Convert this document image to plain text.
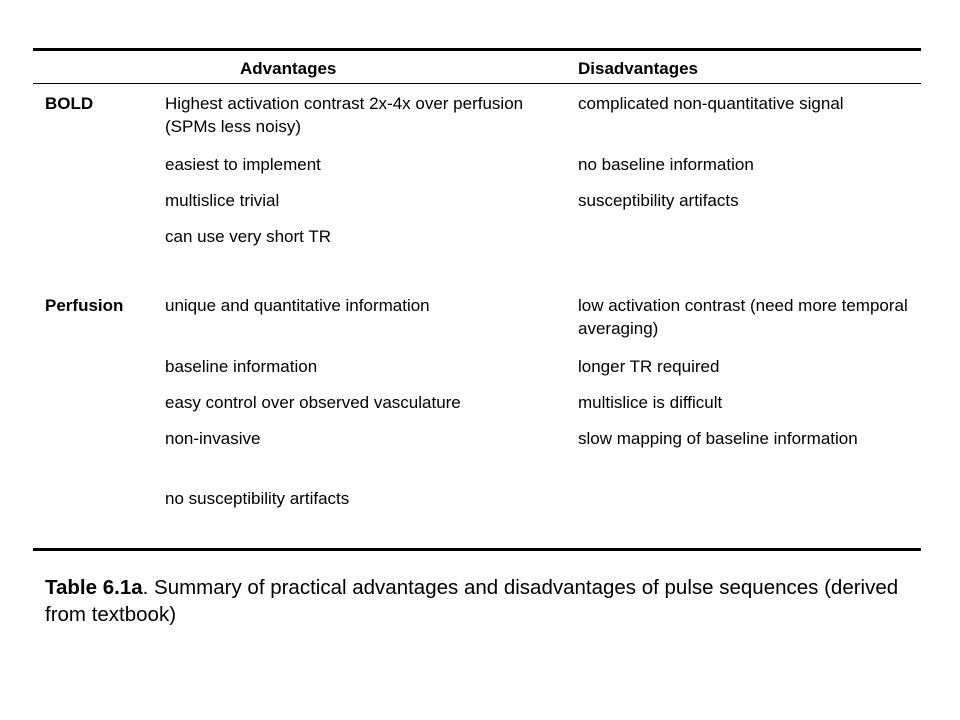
Advantages	Disadvantages
BOLD	Highest activation contrast 2x-4x over perfusion (SPMs less noisy)
easiest to implement
multislice trivial
can use very short TR
complicated non-quantitative signal
no baseline information
susceptibility artifacts
Perfusion unique and quantitative information
baseline information
easy control over observed vasculature
non-invasive
no susceptibility artifacts
low activation contrast (need more temporal averaging)
longer TR required
multislice is difficult
slow mapping of baseline information
Table 6.1a. Summary of practical advantages and disadvantages of pulse sequences (derived from textbook)
